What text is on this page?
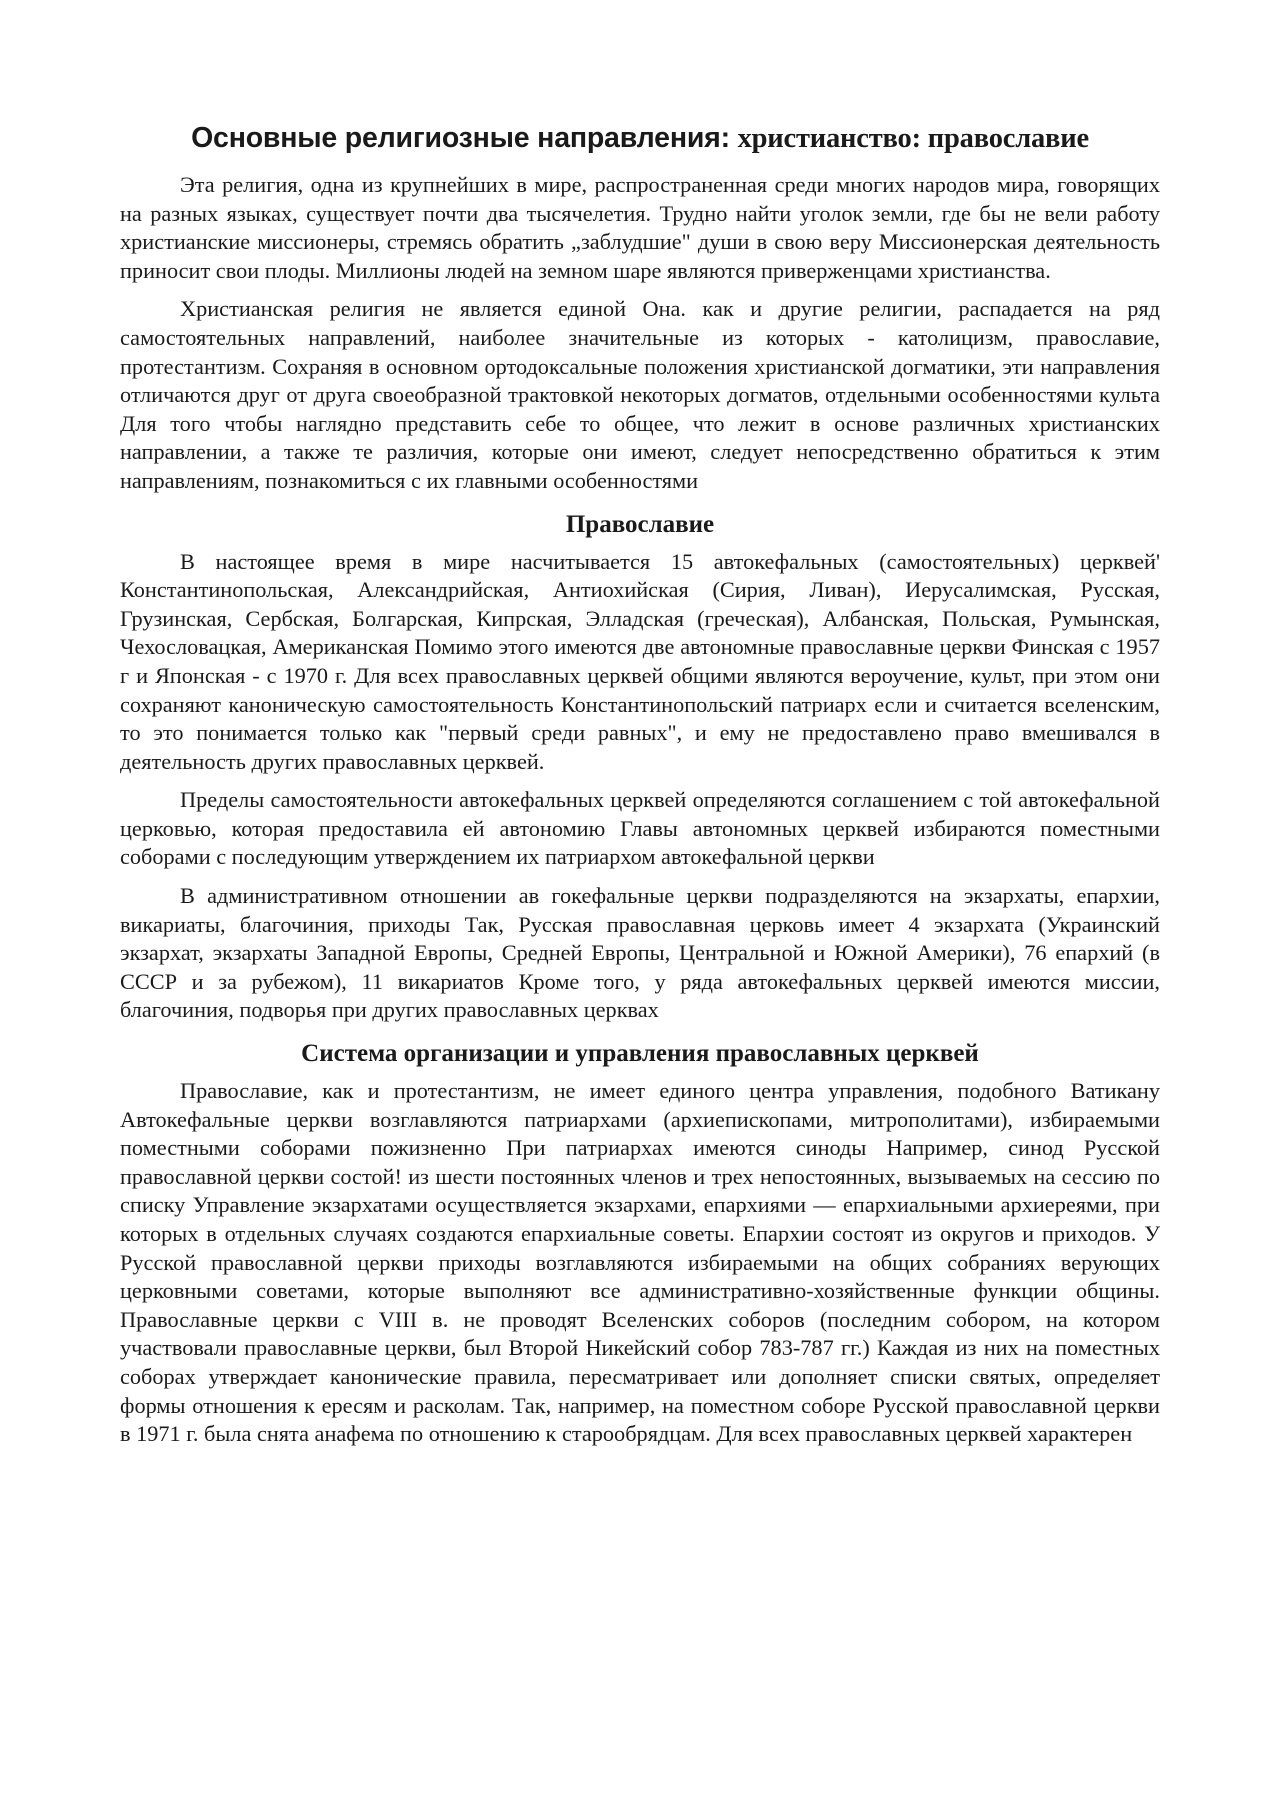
Основные религиозные направления: христианство: православие

Эта религия, одна из крупнейших в мире, распространенная среди многих народов мира, говорящих на разных языках, существует почти два тысячелетия. Трудно найти уголок земли, где бы не вели работу христианские миссионеры, стремясь обратить „заблудшие" души в свою веру Миссионерская деятельность приносит свои плоды. Миллионы людей на земном шаре являются приверженцами христианства.

Христианская религия не является единой Она. как и другие религии, распадается на ряд самостоятельных направлений, наиболее значительные из которых - католицизм, православие, протестантизм. Сохраняя в основном ортодоксальные положения христианской догматики, эти направления отличаются друг от друга своеобразной трактовкой некоторых догматов, отдельными особенностями культа Для того чтобы наглядно представить себе то общее, что лежит в основе различных христианских направлении, а также те различия, которые они имеют, следует непосредственно обратиться к этим направлениям, познакомиться с их главными особенностями

Православие

В настоящее время в мире насчитывается 15 автокефальных (самостоятельных) церквей' Константинопольская, Александрийская, Антиохийская (Сирия, Ливан), Иерусалимская, Русская, Грузинская, Сербская, Болгарская, Кипрская, Элладская (греческая), Албанская, Польская, Румынская, Чехословацкая, Американская Помимо этого имеются две автономные православные церкви Финская с 1957 г и Японская - с 1970 г. Для всех православных церквей общими являются вероучение, культ, при этом они сохраняют каноническую самостоятельность Константинопольский патриарх если и считается вселенским, то это понимается только как "первый среди равных", и ему не предоставлено право вмешивался в деятельность других православных церквей.

Пределы самостоятельности автокефальных церквей определяются соглашением с той автокефальной церковью, которая предоставила ей автономию Главы автономных церквей избираются поместными соборами с последующим утверждением их патриархом автокефальной церкви

В административном отношении ав гокефальные церкви подразделяются на экзархаты, епархии, викариаты, благочиния, приходы Так, Русская православная церковь имеет 4 экзархата (Украинский экзархат, экзархаты Западной Европы, Средней Европы, Центральной и Южной Америки), 76 епархий (в СССР и за рубежом), 11 викариатов Кроме того, у ряда автокефальных церквей имеются миссии, благочиния, подворья при других православных церквах

Система организации и управления православных церквей

Православие, как и протестантизм, не имеет единого центра управления, подобного Ватикану Автокефальные церкви возглавляются патриархами (архиепископами, митрополитами), избираемыми поместными соборами пожизненно При патриархах имеются синоды Например, синод Русской православной церкви состой! из шести постоянных членов и трех непостоянных, вызываемых на сессию по списку Управление экзархатами осуществляется экзархами, епархиями — епархиальными архиереями, при которых в отдельных случаях создаются епархиальные советы. Епархии состоят из округов и приходов. У Русской православной церкви приходы возглавляются избираемыми на общих собраниях верующих церковными советами, которые выполняют все административно-хозяйственные функции общины. Православные церкви с VIII в. не проводят Вселенских соборов (последним собором, на котором участвовали православные церкви, был Второй Никейский собор 783-787 гг.) Каждая из них на поместных соборах утверждает канонические правила, пересматривает или дополняет списки святых, определяет формы отношения к ересям и расколам. Так, например, на поместном соборе Русской православной церкви в 1971 г. была снята анафема по отношению к старообрядцам. Для всех православных церквей характерен
